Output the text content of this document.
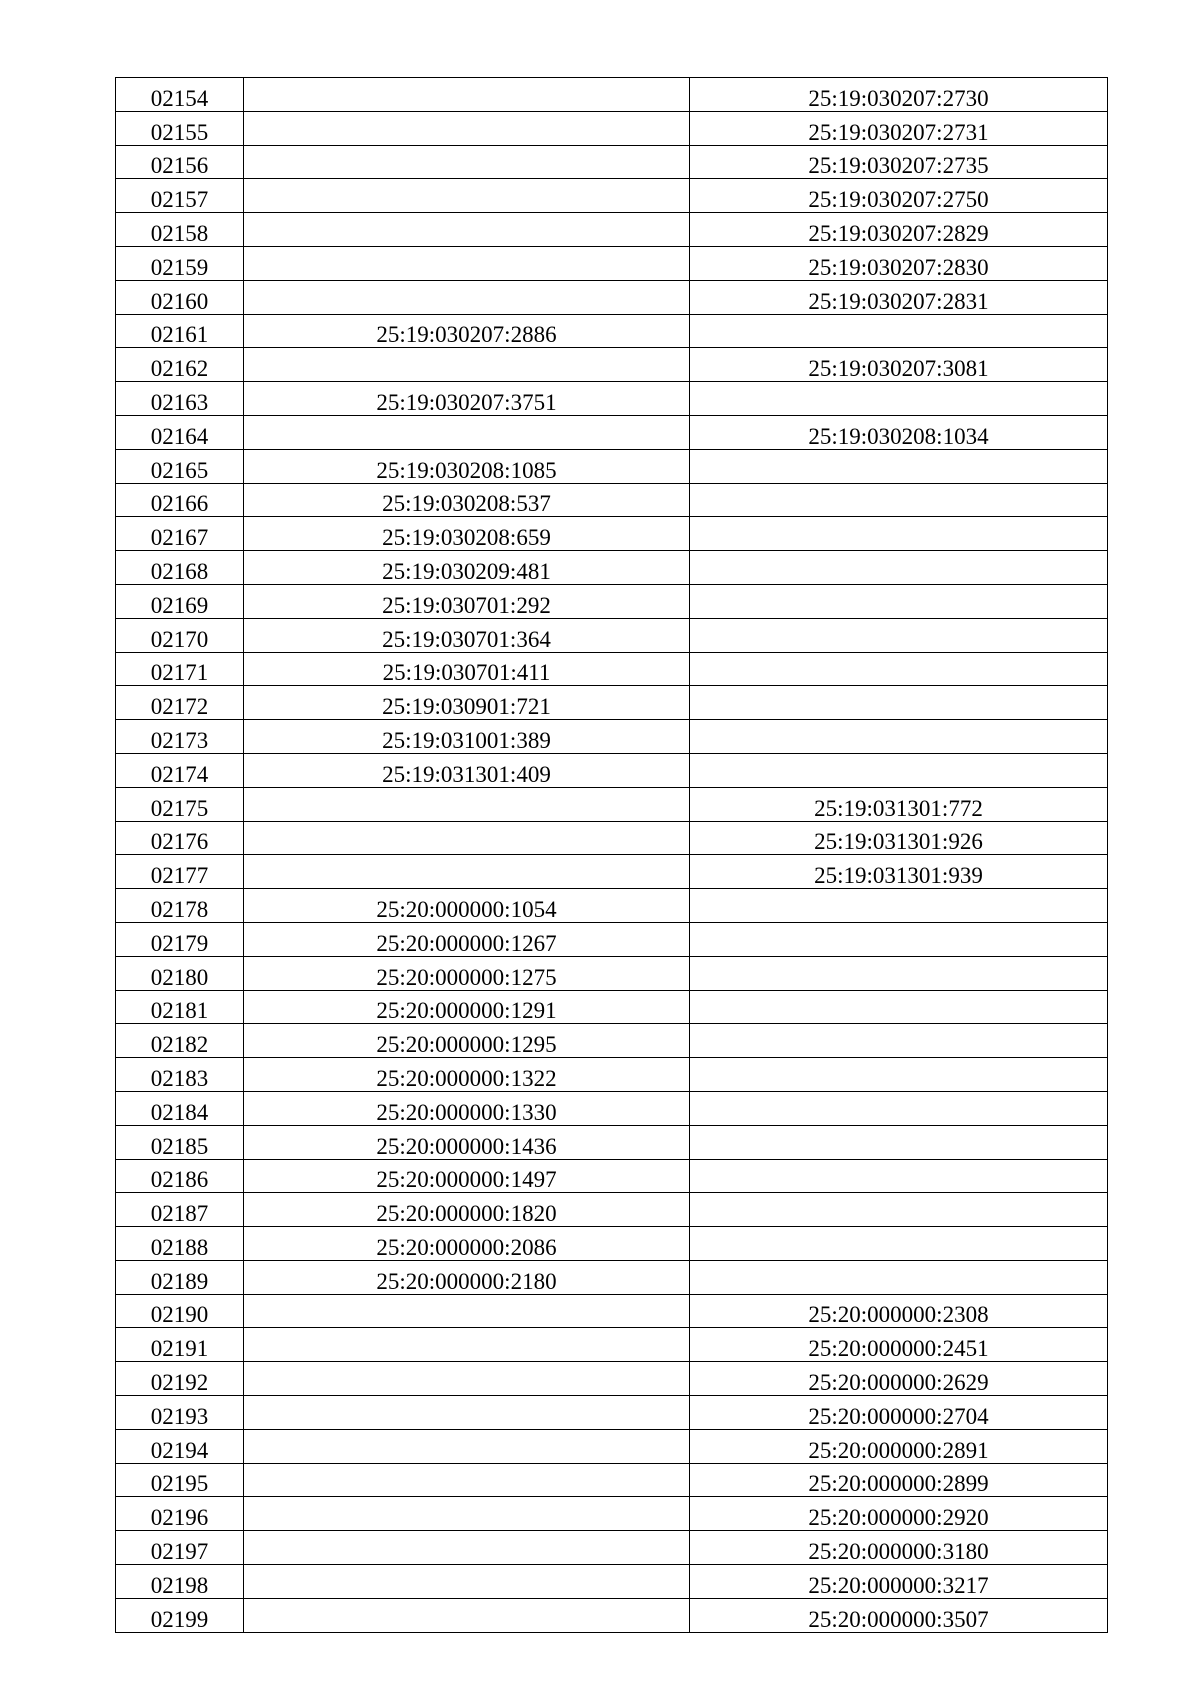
02154		25:19:030207:2730
02155		25:19:030207:2731
02156		25:19:030207:2735
02157		25:19:030207:2750
02158		25:19:030207:2829
02159		25:19:030207:2830
02160		25:19:030207:2831
02161	25:19:030207:2886	
02162		25:19:030207:3081
02163	25:19:030207:3751	
02164		25:19:030208:1034
02165	25:19:030208:1085	
02166	25:19:030208:537	
02167	25:19:030208:659	
02168	25:19:030209:481	
02169	25:19:030701:292	
02170	25:19:030701:364	
02171	25:19:030701:411	
02172	25:19:030901:721	
02173	25:19:031001:389	
02174	25:19:031301:409	
02175		25:19:031301:772
02176		25:19:031301:926
02177		25:19:031301:939
02178	25:20:000000:1054	
02179	25:20:000000:1267	
02180	25:20:000000:1275	
02181	25:20:000000:1291	
02182	25:20:000000:1295	
02183	25:20:000000:1322	
02184	25:20:000000:1330	
02185	25:20:000000:1436	
02186	25:20:000000:1497	
02187	25:20:000000:1820	
02188	25:20:000000:2086	
02189	25:20:000000:2180	
02190		25:20:000000:2308
02191		25:20:000000:2451
02192		25:20:000000:2629
02193		25:20:000000:2704
02194		25:20:000000:2891
02195		25:20:000000:2899
02196		25:20:000000:2920
02197		25:20:000000:3180
02198		25:20:000000:3217
02199		25:20:000000:3507
